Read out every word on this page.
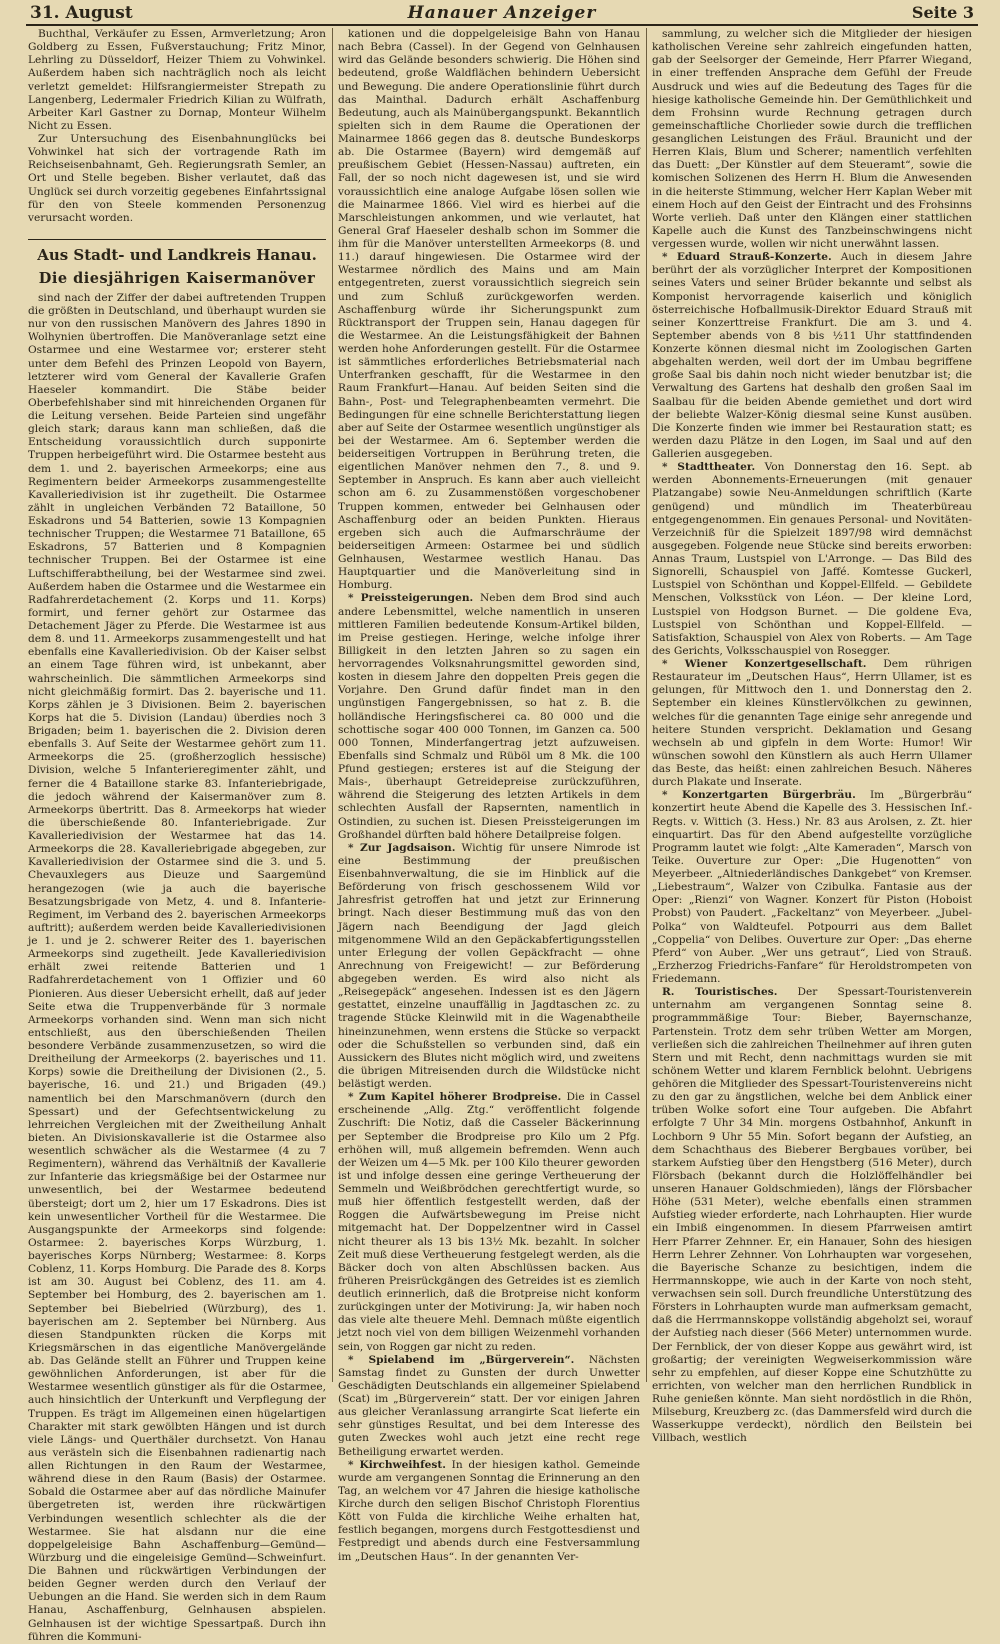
31. August	Hanauer Anzeiger	Seite 3

Buchthal, Verkäufer zu Essen, Armverletzung; Aron Goldberg zu Essen, Fußverstauchung; Fritz Minor, Lehrling zu Düsseldorf, Heizer Thiem zu Vohwinkel. Außerdem haben sich nachträglich noch als leicht verletzt gemeldet: Hilfsrangiermeister Strepath zu Langenberg, Ledermaler Friedrich Kilian zu Wülfrath, Arbeiter Karl Gastner zu Dornap, Monteur Wilhelm Nicht zu Essen.

Zur Untersuchung des Eisenbahnunglücks bei Vohwinkel hat sich der vortragende Rath im Reichseisenbahnamt, Geh. Regierungsrath Semler, an Ort und Stelle begeben. Bisher verlautet, daß das Unglück sei durch vorzeitig gegebenes Einfahrtssignal für den von Steele kommenden Personenzug verursacht worden.

Aus Stadt- und Landkreis Hanau.
Die diesjährigen Kaisermanöver

sind nach der Ziffer der dabei auftretenden Truppen die größten in Deutschland, und überhaupt wurden sie nur von den russischen Manövern des Jahres 1890 in Wolhynien übertroffen. Die Manöveranlage setzt eine Ostarmee und eine Westarmee vor; ersterer steht unter dem Befehl des Prinzen Leopold von Bayern, letzterer wird vom General der Kavallerie Grafen Haeseler kommandirt. Die Stäbe beider Oberbefehlshaber sind mit hinreichenden Organen für die Leitung versehen. Beide Parteien sind ungefähr gleich stark; daraus kann man schließen, daß die Entscheidung voraussichtlich durch supponirte Truppen herbeigeführt wird. Die Ostarmee besteht aus dem 1. und 2. bayerischen Armeekorps; eine aus Regimentern beider Armeekorps zusammengestellte Kavalleriedivision ist ihr zugetheilt. Die Ostarmee zählt in ungleichen Verbänden 72 Bataillone, 50 Eskadrons und 54 Batterien, sowie 13 Kompagnien technischer Truppen; die Westarmee 71 Bataillone, 65 Eskadrons, 57 Batterien und 8 Kompagnien technischer Truppen. Bei der Ostarmee ist eine Luftschifferabtheilung, bei der Westarmee sind zwei. Außerdem haben die Ostarmee und die Westarmee ein Radfahrerdetachement (2. Korps und 11. Korps) formirt, und ferner gehört zur Ostarmee das Detachement Jäger zu Pferde. Die Westarmee ist aus dem 8. und 11. Armeekorps zusammengestellt und hat ebenfalls eine Kavalleriedivision. Ob der Kaiser selbst an einem Tage führen wird, ist unbekannt, aber wahrscheinlich. Die sämmtlichen Armeekorps sind nicht gleichmäßig formirt. Das 2. bayerische und 11. Korps zählen je 3 Divisionen. Beim 2. bayerischen Korps hat die 5. Division (Landau) überdies noch 3 Brigaden; beim 1. bayerischen die 2. Division deren ebenfalls 3. Auf Seite der Westarmee gehört zum 11. Armeekorps die 25. (großherzoglich hessische) Division, welche 5 Infanterieregimenter zählt, und ferner die 4 Bataillone starke 83. Infanteriebrigade, die jedoch während der Kaisermanöver zum 8. Armeekorps übertritt. Das 8. Armeekorps hat wieder die überschießende 80. Infanteriebrigade. Zur Kavalleriedivision der Westarmee hat das 14. Armeekorps die 28. Kavalleriebrigade abgegeben, zur Kavalleriedivision der Ostarmee sind die 3. und 5. Chevauxlegers aus Dieuze und Saargemünd herangezogen (wie ja auch die bayerische Besatzungsbrigade von Metz, 4. und 8. Infanterie-Regiment, im Verband des 2. bayerischen Armeekorps auftritt); außerdem werden beide Kavalleriedivisionen je 1. und je 2. schwerer Reiter des 1. bayerischen Armeekorps sind zugetheilt. Jede Kavalleriedivision erhält zwei reitende Batterien und 1 Radfahrerdetachement von 1 Offizier und 60 Pionieren. Aus dieser Uebersicht erhellt, daß auf jeder Seite etwa die Truppenverbände für 3 normale Armeekorps vorhanden sind. Wenn man sich nicht entschließt, aus den überschießenden Theilen besondere Verbände zusammenzusetzen, so wird die Dreitheilung der Armeekorps (2. bayerisches und 11. Korps) sowie die Dreitheilung der Divisionen (2., 5. bayerische, 16. und 21.) und Brigaden (49.) namentlich bei den Marschmanövern (durch den Spessart) und der Gefechtsentwickelung zu lehrreichen Vergleichen mit der Zweitheilung Anhalt bieten. An Divisionskavallerie ist die Ostarmee also wesentlich schwächer als die Westarmee (4 zu 7 Regimentern), während das Verhältniß der Kavallerie zur Infanterie das kriegsmäßige bei der Ostarmee nur unwesentlich, bei der Westarmee bedeutend übersteigt; dort um 2, hier um 17 Eskadrons. Dies ist kein unwesentlicher Vortheil für die Westarmee. Die Ausgangspunkte der Armeekorps sind folgende: Ostarmee: 2. bayerisches Korps Würzburg, 1. bayerisches Korps Nürnberg; Westarmee: 8. Korps Coblenz, 11. Korps Homburg. Die Parade des 8. Korps ist am 30. August bei Coblenz, des 11. am 4. September bei Homburg, des 2. bayerischen am 1. September bei Biebelried (Würzburg), des 1. bayerischen am 2. September bei Nürnberg. Aus diesen Standpunkten rücken die Korps mit Kriegsmärschen in das eigentliche Manövergelände ab. Das Gelände stellt an Führer und Truppen keine gewöhnlichen Anforderungen, ist aber für die Westarmee wesentlich günstiger als für die Ostarmee, auch hinsichtlich der Unterkunft und Verpflegung der Truppen. Es trägt im Allgemeinen einen hügelartigen Charakter mit stark gewölbten Hängen und ist durch viele Längs- und Querthäler durchsetzt. Von Hanau aus verästeln sich die Eisenbahnen radienartig nach allen Richtungen in den Raum der Westarmee, während diese in den Raum (Basis) der Ostarmee. Sobald die Ostarmee aber auf das nördliche Mainufer übergetreten ist, werden ihre rückwärtigen Verbindungen wesentlich schlechter als die der Westarmee. Sie hat alsdann nur die eine doppelgeleisige Bahn Aschaffenburg—Gemünd—Würzburg und die eingeleisige Gemünd—Schweinfurt. Die Bahnen und rückwärtigen Verbindungen der beiden Gegner werden durch den Verlauf der Uebungen an die Hand. Sie werden sich in dem Raum Hanau, Aschaffenburg, Gelnhausen abspielen. Gelnhausen ist der wichtige Spessartpaß. Durch ihn führen die Kommuni-

kationen und die doppelgeleisige Bahn von Hanau nach Bebra (Cassel). In der Gegend von Gelnhausen wird das Gelände besonders schwierig. Die Höhen sind bedeutend, große Waldflächen behindern Uebersicht und Bewegung. Die andere Operationslinie führt durch das Mainthal. Dadurch erhält Aschaffenburg Bedeutung, auch als Mainübergangspunkt. Bekanntlich spielten sich in dem Raume die Operationen der Mainarmee 1866 gegen das 8. deutsche Bundeskorps ab. Die Ostarmee (Bayern) wird demgemäß auf preußischem Gebiet (Hessen-Nassau) auftreten, ein Fall, der so noch nicht dagewesen ist, und sie wird voraussichtlich eine analoge Aufgabe lösen sollen wie die Mainarmee 1866. Viel wird es hierbei auf die Marschleistungen ankommen, und wie verlautet, hat General Graf Haeseler deshalb schon im Sommer die ihm für die Manöver unterstellten Armeekorps (8. und 11.) darauf hingewiesen. Die Ostarmee wird der Westarmee nördlich des Mains und am Main entgegentreten, zuerst voraussichtlich siegreich sein und zum Schluß zurückgeworfen werden. Aschaffenburg würde ihr Sicherungspunkt zum Rücktransport der Truppen sein, Hanau dagegen für die Westarmee. An die Leistungsfähigkeit der Bahnen werden hohe Anforderungen gestellt. Für die Ostarmee ist sämmtliches erforderliches Betriebsmaterial nach Unterfranken geschafft, für die Westarmee in den Raum Frankfurt—Hanau. Auf beiden Seiten sind die Bahn-, Post- und Telegraphenbeamten vermehrt. Die Bedingungen für eine schnelle Berichterstattung liegen aber auf Seite der Ostarmee wesentlich ungünstiger als bei der Westarmee. Am 6. September werden die beiderseitigen Vortruppen in Berührung treten, die eigentlichen Manöver nehmen den 7., 8. und 9. September in Anspruch. Es kann aber auch vielleicht schon am 6. zu Zusammenstößen vorgeschobener Truppen kommen, entweder bei Gelnhausen oder Aschaffenburg oder an beiden Punkten. Hieraus ergeben sich auch die Aufmarschräume der beiderseitigen Armeen: Ostarmee bei und südlich Gelnhausen, Westarmee westlich Hanau. Das Hauptquartier und die Manöverleitung sind in Homburg.

* Preissteigerungen. Neben dem Brod sind auch andere Lebensmittel, welche namentlich in unseren mittleren Familien bedeutende Konsum-Artikel bilden, im Preise gestiegen. Heringe, welche infolge ihrer Billigkeit in den letzten Jahren so zu sagen ein hervorragendes Volksnahrungsmittel geworden sind, kosten in diesem Jahre den doppelten Preis gegen die Vorjahre. Den Grund dafür findet man in den ungünstigen Fangergebnissen, so hat z. B. die holländische Heringsfischerei ca. 80 000 und die schottische sogar 400 000 Tonnen, im Ganzen ca. 500 000 Tonnen, Minderfangertrag jetzt aufzuweisen. Ebenfalls sind Schmalz und Rüböl um 8 Mk. die 100 Pfund gestiegen; ersteres ist auf die Steigung der Mais-, überhaupt Getreidepreise zurückzuführen, während die Steigerung des letzten Artikels in dem schlechten Ausfall der Rapsernten, namentlich in Ostindien, zu suchen ist. Diesen Preissteigerungen im Großhandel dürften bald höhere Detailpreise folgen.

* Zur Jagdsaison. Wichtig für unsere Nimrode ist eine Bestimmung der preußischen Eisenbahnverwaltung, die sie im Hinblick auf die Beförderung von frisch geschossenem Wild vor Jahresfrist getroffen hat und jetzt zur Erinnerung bringt. Nach dieser Bestimmung muß das von den Jägern nach Beendigung der Jagd gleich mitgenommene Wild an den Gepäckabfertigungsstellen unter Erlegung der vollen Gepäckfracht — ohne Anrechnung von Freigewicht! — zur Beförderung abgegeben werden. Es wird also nicht als „Reisegepäck“ angesehen. Indessen ist es den Jägern gestattet, einzelne unauffällig in Jagdtaschen zc. zu tragende Stücke Kleinwild mit in die Wagenabtheile hineinzunehmen, wenn erstens die Stücke so verpackt oder die Schußstellen so verbunden sind, daß ein Aussickern des Blutes nicht möglich wird, und zweitens die übrigen Mitreisenden durch die Wildstücke nicht belästigt werden.

* Zum Kapitel höherer Brodpreise. Die in Cassel erscheinende „Allg. Ztg.“ veröffentlicht folgende Zuschrift: Die Notiz, daß die Casseler Bäckerinnung per September die Brodpreise pro Kilo um 2 Pfg. erhöhen will, muß allgemein befremden. Wenn auch der Weizen um 4—5 Mk. per 100 Kilo theurer geworden ist und infolge dessen eine geringe Vertheuerung der Semmeln und Weißbrödchen gerechtfertigt wurde, so muß hier öffentlich festgestellt werden, daß der Roggen die Aufwärtsbewegung im Preise nicht mitgemacht hat. Der Doppelzentner wird in Cassel nicht theurer als 13 bis 13½ Mk. bezahlt. In solcher Zeit muß diese Vertheuerung festgelegt werden, als die Bäcker doch von alten Abschlüssen backen. Aus früheren Preisrückgängen des Getreides ist es ziemlich deutlich erinnerlich, daß die Brotpreise nicht konform zurückgingen unter der Motivirung: Ja, wir haben noch das viele alte theuere Mehl. Demnach müßte eigentlich jetzt noch viel von dem billigen Weizenmehl vorhanden sein, von Roggen gar nicht zu reden.

* Spielabend im „Bürgerverein“. Nächsten Samstag findet zu Gunsten der durch Unwetter Geschädigten Deutschlands ein allgemeiner Spielabend (Scat) im „Bürgerverein“ statt. Der vor einigen Jahren aus gleicher Veranlassung arrangirte Scat lieferte ein sehr günstiges Resultat, und bei dem Interesse des guten Zweckes wohl auch jetzt eine recht rege Betheiligung erwartet werden.

* Kirchweihfest. In der hiesigen kathol. Gemeinde wurde am vergangenen Sonntag die Erinnerung an den Tag, an welchem vor 47 Jahren die hiesige katholische Kirche durch den seligen Bischof Christoph Florentius Kött von Fulda die kirchliche Weihe erhalten hat, festlich begangen, morgens durch Festgottesdienst und Festpredigt und abends durch eine Festversammlung im „Deutschen Haus“. In der genannten Ver-

sammlung, zu welcher sich die Mitglieder der hiesigen katholischen Vereine sehr zahlreich eingefunden hatten, gab der Seelsorger der Gemeinde, Herr Pfarrer Wiegand, in einer treffenden Ansprache dem Gefühl der Freude Ausdruck und wies auf die Bedeutung des Tages für die hiesige katholische Gemeinde hin. Der Gemüthlichkeit und dem Frohsinn wurde Rechnung getragen durch gemeinschaftliche Chorlieder sowie durch die trefflichen gesanglichen Leistungen des Fräul. Braunicht und der Herren Klais, Blum und Scherer; namentlich verfehlten das Duett: „Der Künstler auf dem Steueramt“, sowie die komischen Solizenen des Herrn H. Blum die Anwesenden in die heiterste Stimmung, welcher Herr Kaplan Weber mit einem Hoch auf den Geist der Eintracht und des Frohsinns Worte verlieh. Daß unter den Klängen einer stattlichen Kapelle auch die Kunst des Tanzbeinschwingens nicht vergessen wurde, wollen wir nicht unerwähnt lassen.

* Eduard Strauß-Konzerte. Auch in diesem Jahre berührt der als vorzüglicher Interpret der Kompositionen seines Vaters und seiner Brüder bekannte und selbst als Komponist hervorragende kaiserlich und königlich österreichische Hofballmusik-Direktor Eduard Strauß mit seiner Konzerttreise Frankfurt. Die am 3. und 4. September abends von 8 bis ½11 Uhr stattfindenden Konzerte können diesmal nicht im Zoologischen Garten abgehalten werden, weil dort der im Umbau begriffene große Saal bis dahin noch nicht wieder benutzbar ist; die Verwaltung des Gartens hat deshalb den großen Saal im Saalbau für die beiden Abende gemiethet und dort wird der beliebte Walzer-König diesmal seine Kunst ausüben. Die Konzerte finden wie immer bei Restauration statt; es werden dazu Plätze in den Logen, im Saal und auf den Gallerien ausgegeben.

* Stadttheater. Von Donnerstag den 16. Sept. ab werden Abonnements-Erneuerungen (mit genauer Platzangabe) sowie Neu-Anmeldungen schriftlich (Karte genügend) und mündlich im Theaterbüreau entgegengenommen. Ein genaues Personal- und Novitäten-Verzeichniß für die Spielzeit 1897/98 wird demnächst ausgegeben. Folgende neue Stücke sind bereits erworben: Annas Traum, Lustspiel von L'Arronge. — Das Bild des Signorelli, Schauspiel von Jaffé. Komtesse Guckerl, Lustspiel von Schönthan und Koppel-Ellfeld. — Gebildete Menschen, Volksstück von Léon. — Der kleine Lord, Lustspiel von Hodgson Burnet. — Die goldene Eva, Lustspiel von Schönthan und Koppel-Ellfeld. — Satisfaktion, Schauspiel von Alex von Roberts. — Am Tage des Gerichts, Volksschauspiel von Rosegger.

* Wiener Konzertgesellschaft. Dem rührigen Restaurateur im „Deutschen Haus“, Herrn Ullamer, ist es gelungen, für Mittwoch den 1. und Donnerstag den 2. September ein kleines Künstlervölkchen zu gewinnen, welches für die genannten Tage einige sehr anregende und heitere Stunden verspricht. Deklamation und Gesang wechseln ab und gipfeln in dem Worte: Humor! Wir wünschen sowohl den Künstlern als auch Herrn Ullamer das Beste, das heißt: einen zahlreichen Besuch. Näheres durch Plakate und Inserate.

* Konzertgarten Bürgerbräu. Im „Bürgerbräu“ konzertirt heute Abend die Kapelle des 3. Hessischen Inf.-Regts. v. Wittich (3. Hess.) Nr. 83 aus Arolsen, z. Zt. hier einquartirt. Das für den Abend aufgestellte vorzügliche Programm lautet wie folgt: „Alte Kameraden“, Marsch von Teike. Ouverture zur Oper: „Die Hugenotten“ von Meyerbeer. „Altniederländisches Dankgebet“ von Kremser. „Liebestraum“, Walzer von Czibulka. Fantasie aus der Oper: „Rienzi“ von Wagner. Konzert für Piston (Hoboist Probst) von Paudert. „Fackeltanz“ von Meyerbeer. „Jubel-Polka“ von Waldteufel. Potpourri aus dem Ballet „Coppelia“ von Delibes. Ouverture zur Oper: „Das eherne Pferd“ von Auber. „Wer uns getraut“, Lied von Strauß. „Erzherzog Friedrichs-Fanfare“ für Heroldstrompeten von Friedemann.

R. Touristisches. Der Spessart-Touristenverein unternahm am vergangenen Sonntag seine 8. programmmäßige Tour: Bieber, Bayernschanze, Partenstein. Trotz dem sehr trüben Wetter am Morgen, verließen sich die zahlreichen Theilnehmer auf ihren guten Stern und mit Recht, denn nachmittags wurden sie mit schönem Wetter und klarem Fernblick belohnt. Uebrigens gehören die Mitglieder des Spessart-Touristenvereins nicht zu den gar zu ängstlichen, welche bei dem Anblick einer trüben Wolke sofort eine Tour aufgeben. Die Abfahrt erfolgte 7 Uhr 34 Min. morgens Ostbahnhof, Ankunft in Lochborn 9 Uhr 55 Min. Sofort begann der Aufstieg, an dem Schachthaus des Bieberer Bergbaues vorüber, bei starkem Aufstieg über den Hengstberg (516 Meter), durch Flörsbach (bekannt durch die Holzlöffelhändler bei unseren Hanauer Goldschmieden), längs der Flörsbacher Höhe (531 Meter), welche ebenfalls einen strammen Aufstieg wieder erforderte, nach Lohrhaupten. Hier wurde ein Imbiß eingenommen. In diesem Pfarrweisen amtirt Herr Pfarrer Zehnner. Er, ein Hanauer, Sohn des hiesigen Herrn Lehrer Zehnner. Von Lohrhaupten war vorgesehen, die Bayerische Schanze zu besichtigen, indem die Herrmannskoppe, wie auch in der Karte von noch steht, verwachsen sein soll. Durch freundliche Unterstützung des Försters in Lohrhaupten wurde man aufmerksam gemacht, daß die Herrmannskoppe vollständig abgeholzt sei, worauf der Aufstieg nach dieser (566 Meter) unternommen wurde. Der Fernblick, der von dieser Koppe aus gewährt wird, ist großartig; der vereinigten Wegweiserkommission wäre sehr zu empfehlen, auf dieser Koppe eine Schutzhütte zu errichten, von welcher man den herrlichen Rundblick in Ruhe genießen könnte. Man sieht nordöstlich in die Rhön, Milseburg, Kreuzberg zc. (das Dammersfeld wird durch die Wasserkuppe verdeckt), nördlich den Beilstein bei Villbach, westlich
